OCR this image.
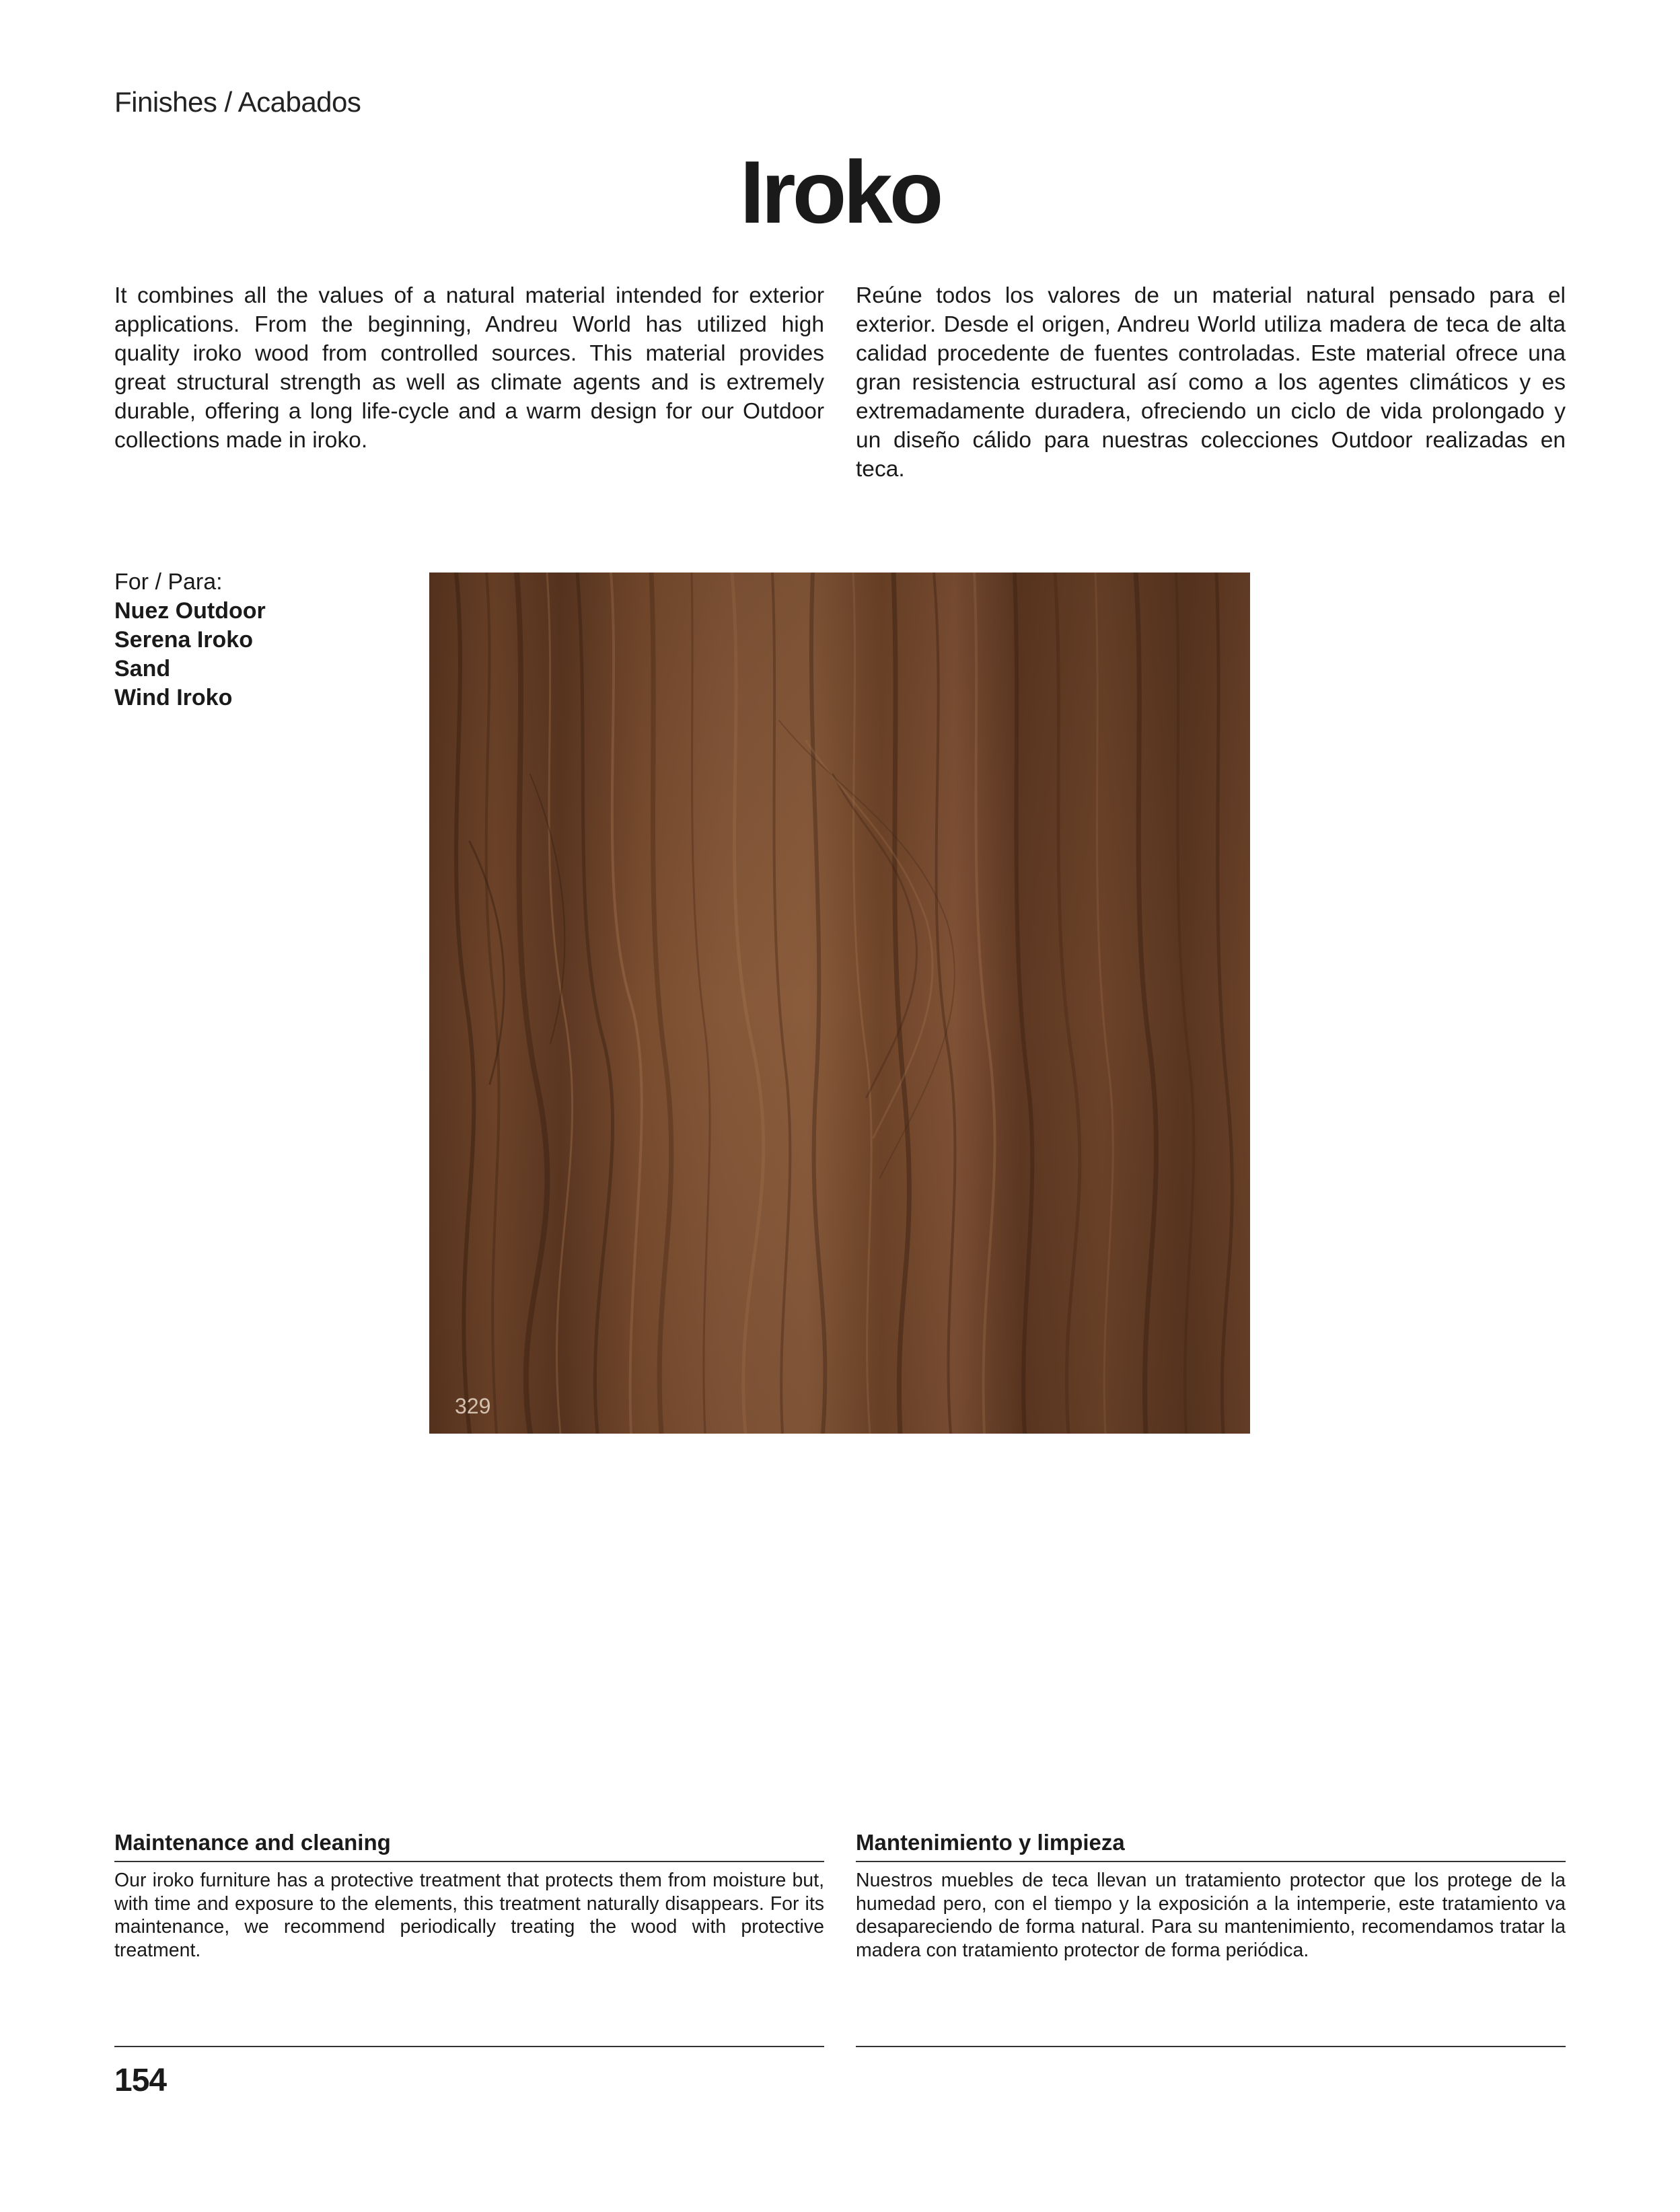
Finishes / Acabados
Iroko
It combines all the values of a natural material intended for exterior applications. From the beginning, Andreu World has utilized high quality iroko wood from controlled sources. This material provides great structural strength as well as climate agents and is extremely durable, offering a long life-cycle and a warm design for our Outdoor collections made in iroko.
Reúne todos los valores de un material natural pensado para el exterior. Desde el origen, Andreu World utiliza madera de teca de alta calidad procedente de fuentes controladas. Este material ofrece una gran resistencia estructural así como a los agentes climáticos y es extremadamente duradera, ofreciendo un ciclo de vida prolongado y un diseño cálido para nuestras colecciones Outdoor realizadas en teca.
For / Para:
Nuez Outdoor
Serena Iroko
Sand
Wind Iroko
329
Maintenance and cleaning

Our iroko furniture has a protective treatment that protects them from moisture but, with time and exposure to the elements, this treatment naturally disappears. For its maintenance, we recommend periodically treating the wood with protective treatment.

Mantenimiento y limpieza

Nuestros muebles de teca llevan un tratamiento protector que los protege de la humedad pero, con el tiempo y la exposición a la intemperie, este tratamiento va desapareciendo de forma natural. Para su mantenimiento, recomendamos tratar la madera con tratamiento protector de forma periódica.

154
